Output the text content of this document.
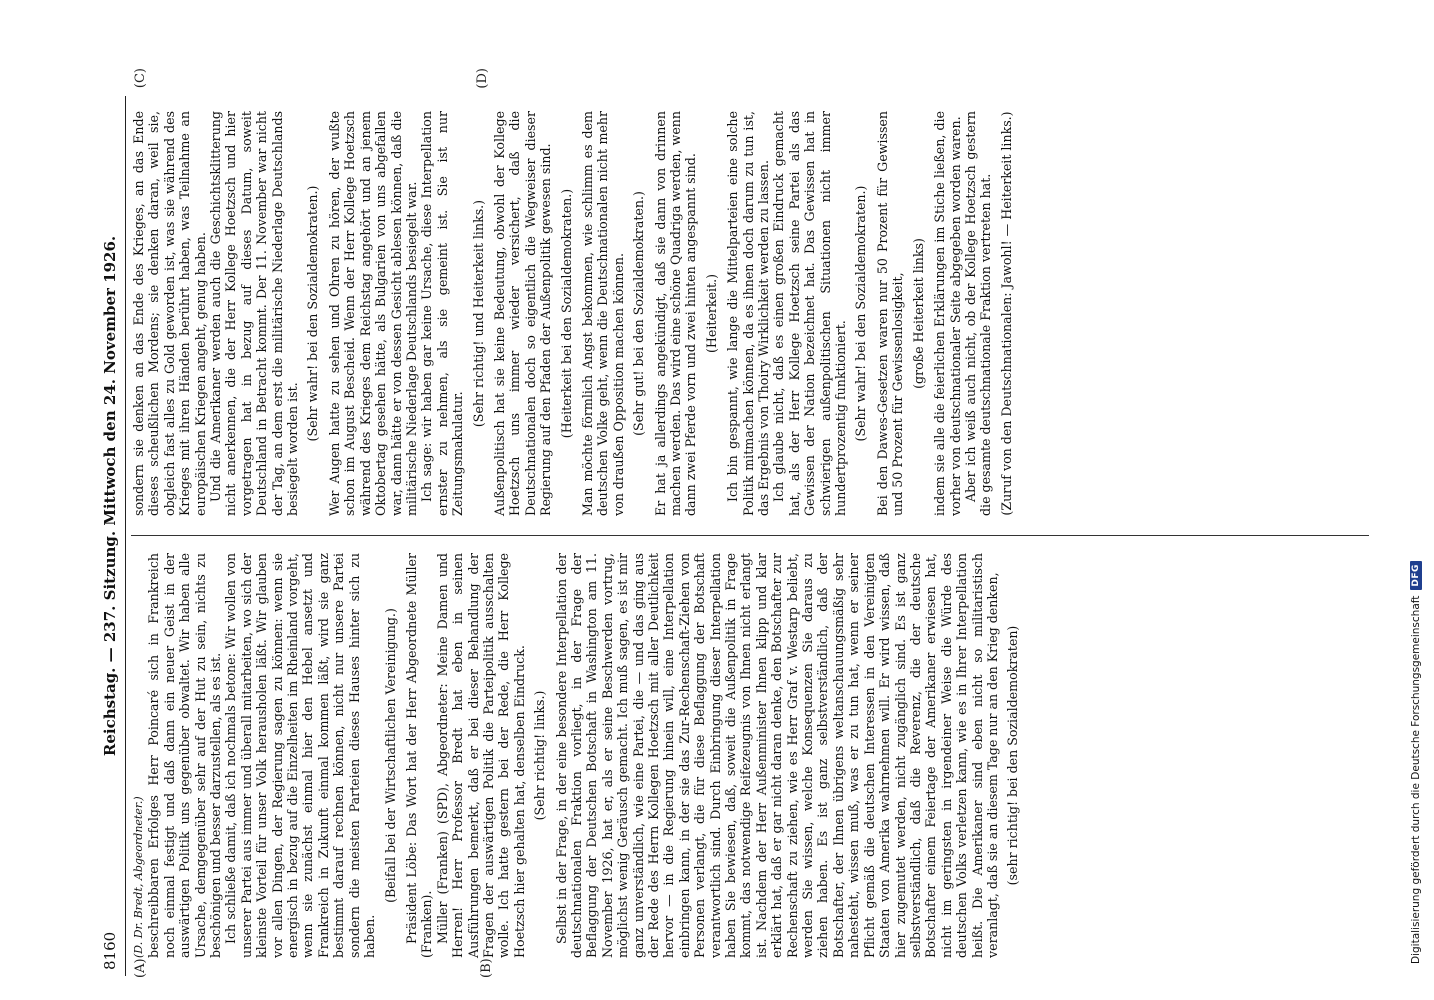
8160
Reichstag. — 237. Sitzung. Mittwoch den 24. November 1926.
(A)	(B)
(C)	(D)

(D. Dr. Bredt, Abgeordneter.) beschreibbaren Erfolges Herr Poincaré sich in Frankreich noch einmal festigt und daß dann ein neuer Geist in der auswärtigen Politik uns gegenüber obwaltet. Wir haben alle Ursache, demgegenüber sehr auf der Hut zu sein, nichts zu beschönigen und besser darzustellen, als es ist. Ich schließe damit, daß ich nochmals betone: Wir wollen von unserer Partei aus immer und überall mitarbeiten, wo sich der kleinste Vorteil für unser Volk herausholen läßt. Wir glauben vor allen Dingen, der Regierung sagen zu können: wenn sie energisch in bezug auf die Einzelheiten im Rheinland vorgeht, wenn sie zunächst einmal hier den Hebel ansetzt und Frankreich in Zukunft einmal kommen läßt, wird sie ganz bestimmt darauf rechnen können, nicht nur unsere Partei sondern die meisten Parteien dieses Hauses hinter sich zu haben.

(Beifall bei der Wirtschaftlichen Vereinigung.) Präsident Löbe: Das Wort hat der Herr Abgeordnete Müller (Franken). Müller (Franken) (SPD), Abgeordneter: Meine Damen und Herren! Herr Professor Bredt hat eben in seinen Ausführungen bemerkt, daß er bei dieser Behandlung der Fragen der auswärtigen Politik die Parteipolitik ausschalten wolle. Ich hatte gestern bei der Rede, die Herr Kollege Hoetzsch hier gehalten hat, denselben Eindruck. (Sehr richtig! links.) Selbst in der Frage, in der eine besondere Interpellation der deutschnationalen Fraktion vorliegt, in der Frage der Beflaggung der Deutschen Botschaft in Washington am 11. November 1926, hat er, als er seine Beschwerden vortrug, möglichst wenig Geräusch gemacht. Ich muß sagen, es ist mir ganz unverständlich, wie eine Partei, die — und das ging aus der Rede des Herrn Kollegen Hoetzsch mit aller Deutlichkeit hervor — in die Regierung hinein will, eine Interpellation einbringen kann, in der sie das Zur-Rechenschaft-Ziehen von Personen verlangt, die für diese Beflaggung der Botschaft verantwortlich sind. Durch Einbringung dieser Interpellation haben Sie bewiesen, daß, soweit die Außenpolitik in Frage kommt, das notwendige Reifezeugnis von Ihnen nicht erlangt ist. Nachdem der Herr Außenminister Ihnen klipp und klar erklärt hat, daß er gar nicht daran denke, den Botschafter zur Rechenschaft zu ziehen, wie es Herr Graf v. Westarp beliebt, werden Sie wissen, welche Konsequenzen Sie daraus zu ziehen haben. Es ist ganz selbstverständlich, daß der Botschafter, der Ihnen übrigens weltanschauungsmäßig sehr nahesteht, wissen muß, was er zu tun hat, wenn er seiner Pflicht gemäß die deutschen Interessen in den Vereinigten Staaten von Amerika wahrnehmen will. Er wird wissen, daß hier zugemutet werden, nicht zugänglich sind. Es ist ganz selbstverständlich, daß die Reverenz, die der deutsche Botschafter einem Feiertage der Amerikaner erwiesen hat, nicht im geringsten in irgendeiner Weise die Würde des deutschen Volks verletzen kann, wie es in Ihrer Interpellation heißt. Die Amerikaner sind eben nicht so militaristisch veranlagt, daß sie an diesem Tage nur an den Krieg denken, (sehr richtig! bei den Sozialdemokraten)

sondern sie denken an das Ende des Krieges, an das Ende dieses scheußlichen Mordens; sie denken daran, weil sie, obgleich fast alles zu Gold geworden ist, was sie während des Krieges mit ihren Händen berührt haben, was Teilnahme an europäischen Kriegen angeht, genug haben. Und die Amerikaner werden auch die Geschichtsklitterung nicht anerkennen, die der Herr Kollege Hoetzsch und hier vorgetragen hat in bezug auf dieses Datum, soweit Deutschland in Betracht kommt. Der 11. November war nicht der Tag, an dem erst die militärische Niederlage Deutschlands besiegelt worden ist.

(Sehr wahr! bei den Sozialdemokraten.) Wer Augen hatte zu sehen und Ohren zu hören, der wußte schon im August Bescheid. Wenn der Herr Kollege Hoetzsch während des Krieges dem Reichstag angehört und an jenem Oktobertag gesehen hätte, als Bulgarien von uns abgefallen war, dann hätte er von dessen Gesicht ablesen können, daß die militärische Niederlage Deutschlands besiegelt war. Ich sage: wir haben gar keine Ursache, diese Interpellation ernster zu nehmen, als sie gemeint ist. Sie ist nur Zeitungsmakulatur.

(Sehr richtig! und Heiterkeit links.) Außenpolitisch hat sie keine Bedeutung, obwohl der Kollege Hoetzsch uns immer wieder versichert, daß die Deutschnationalen doch so eigentlich die Wegweiser dieser Regierung auf den Pfaden der Außenpolitik gewesen sind. (Heiterkeit bei den Sozialdemokraten.) Man möchte förmlich Angst bekommen, wie schlimm es dem deutschen Volke geht, wenn die Deutschnationalen nicht mehr von draußen Opposition machen können. (Sehr gut! bei den Sozialdemokraten.) Er hat ja allerdings angekündigt, daß sie dann von drinnen machen werden. Das wird eine schöne Quadriga werden, wenn dann zwei Pferde vorn und zwei hinten angespannt sind. (Heiterkeit.) Ich bin gespannt, wie lange die Mittelparteien eine solche Politik mitmachen können, da es ihnen doch darum zu tun ist, das Ergebnis von Thoiry Wirklichkeit werden zu lassen. Ich glaube nicht, daß es einen großen Eindruck gemacht hat, als der Herr Kollege Hoetzsch seine Partei als das Gewissen der Nation bezeichnet hat. Das Gewissen hat in schwierigen außenpolitischen Situationen nicht immer hundertprozentig funktioniert. (Sehr wahr! bei den Sozialdemokraten.) Bei den Dawes-Gesetzen waren nur 50 Prozent für Gewissen und 50 Prozent für Gewissenlosigkeit, (große Heiterkeit links) indem sie alle die feierlichen Erklärungen im Stiche ließen, die vorher von deutschnationaler Seite abgegeben worden waren. Aber ich weiß auch nicht, ob der Kollege Hoetzsch gestern die gesamte deutschnationale Fraktion vertreten hat. (Zuruf von den Deutschnationalen: Jawohl! — Heiterkeit links.)

Digitalisierung gefördert durch die Deutsche Forschungsgemeinschaft
DFG
